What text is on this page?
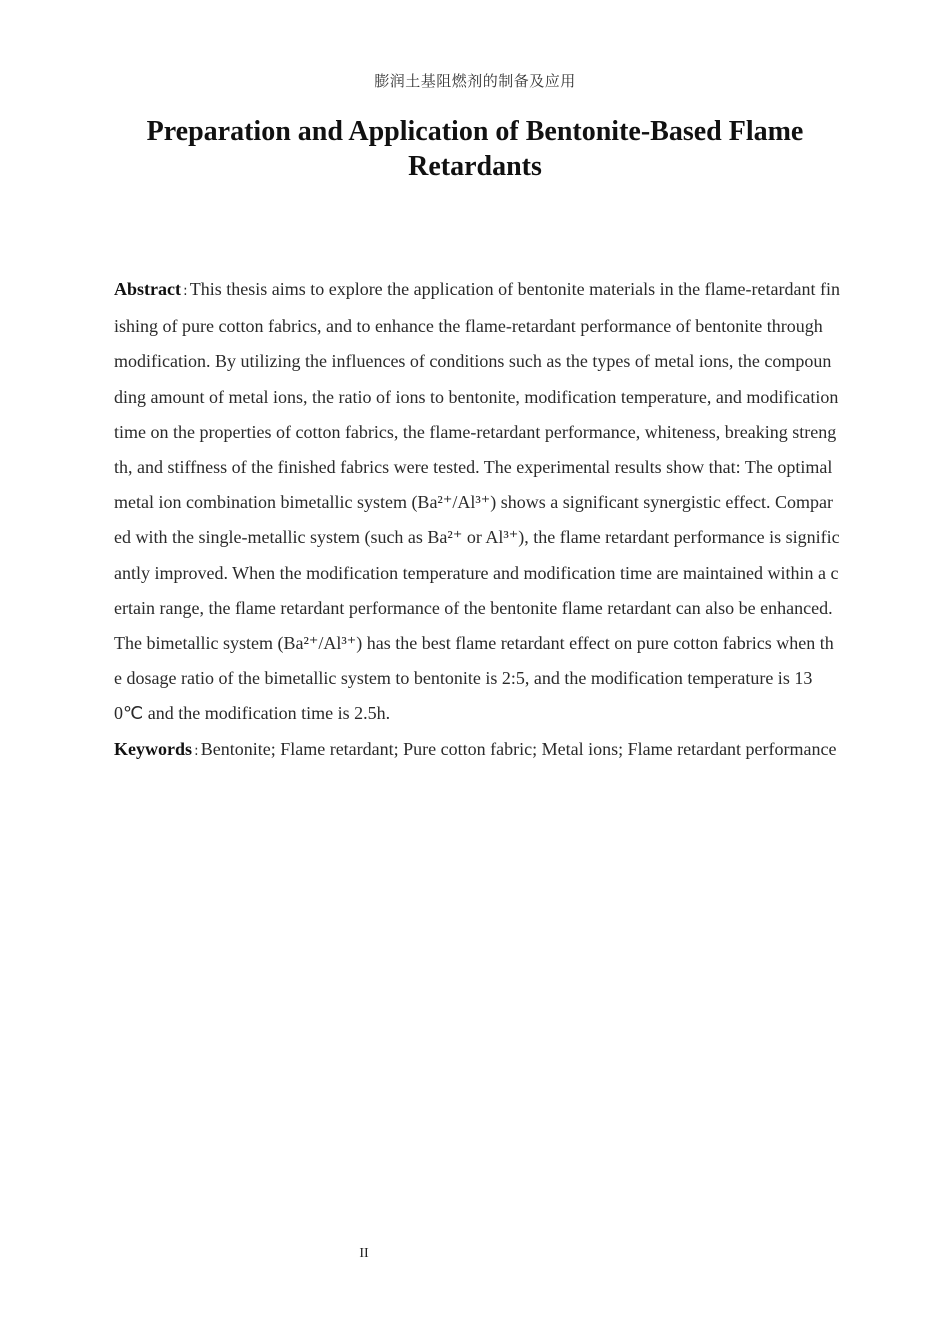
膨润土基阻燃剂的制备及应用
Preparation and Application of Bentonite-Based Flame Retardants

Abstract : This thesis aims to explore the application of bentonite materials in the flame-retardant finishing of pure cotton fabrics, and to enhance the flame-retardant performance of bentonite through modification. By utilizing the influences of conditions such as the types of metal ions, the compounding amount of metal ions, the ratio of ions to bentonite, modification temperature, and modification time on the properties of cotton fabrics, the flame-retardant performance, whiteness, breaking strength, and stiffness of the finished fabrics were tested. The experimental results show that: The optimal metal ion combination bimetallic system (Ba²⁺/Al³⁺) shows a significant synergistic effect. Compared with the single-metallic system (such as Ba²⁺ or Al³⁺), the flame retardant performance is significantly improved. When the modification temperature and modification time are maintained within a certain range, the flame retardant performance of the bentonite flame retardant can also be enhanced. The bimetallic system (Ba²⁺/Al³⁺) has the best flame retardant effect on pure cotton fabrics when the dosage ratio of the bimetallic system to bentonite is 2:5, and the modification temperature is 130℃ and the modification time is 2.5h.

Keywords : Bentonite; Flame retardant; Pure cotton fabric; Metal ions; Flame retardant performance

II
